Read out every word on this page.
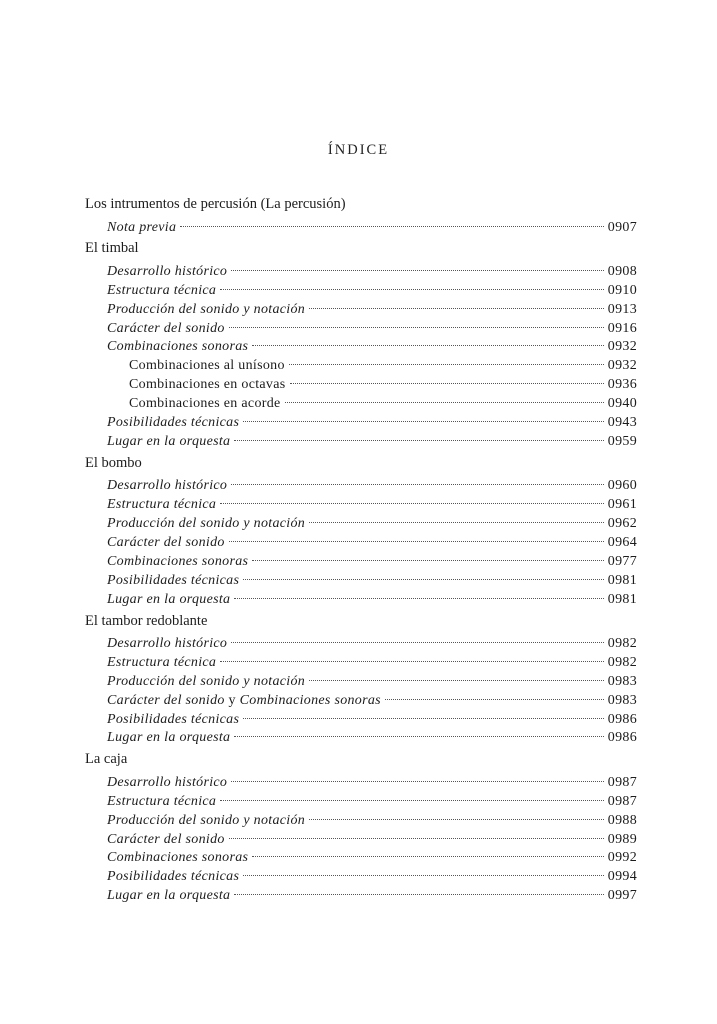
ÍNDICE
Los intrumentos de percusión (La percusión)
Nota previa	0907
El timbal
Desarrollo histórico	0908
Estructura técnica	0910
Producción del sonido y notación	0913
Carácter del sonido	0916
Combinaciones sonoras	0932
Combinaciones al unísono	0932
Combinaciones en octavas	0936
Combinaciones en acorde	0940
Posibilidades técnicas	0943
Lugar en la orquesta	0959
El bombo
Desarrollo histórico	0960
Estructura técnica	0961
Producción del sonido y notación	0962
Carácter del sonido	0964
Combinaciones sonoras	0977
Posibilidades técnicas	0981
Lugar en la orquesta	0981
El tambor redoblante
Desarrollo histórico	0982
Estructura técnica	0982
Producción del sonido y notación	0983
Carácter del sonido y Combinaciones sonoras	0983
Posibilidades técnicas	0986
Lugar en la orquesta	0986
La caja
Desarrollo histórico	0987
Estructura técnica	0987
Producción del sonido y notación	0988
Carácter del sonido	0989
Combinaciones sonoras	0992
Posibilidades técnicas	0994
Lugar en la orquesta	0997
